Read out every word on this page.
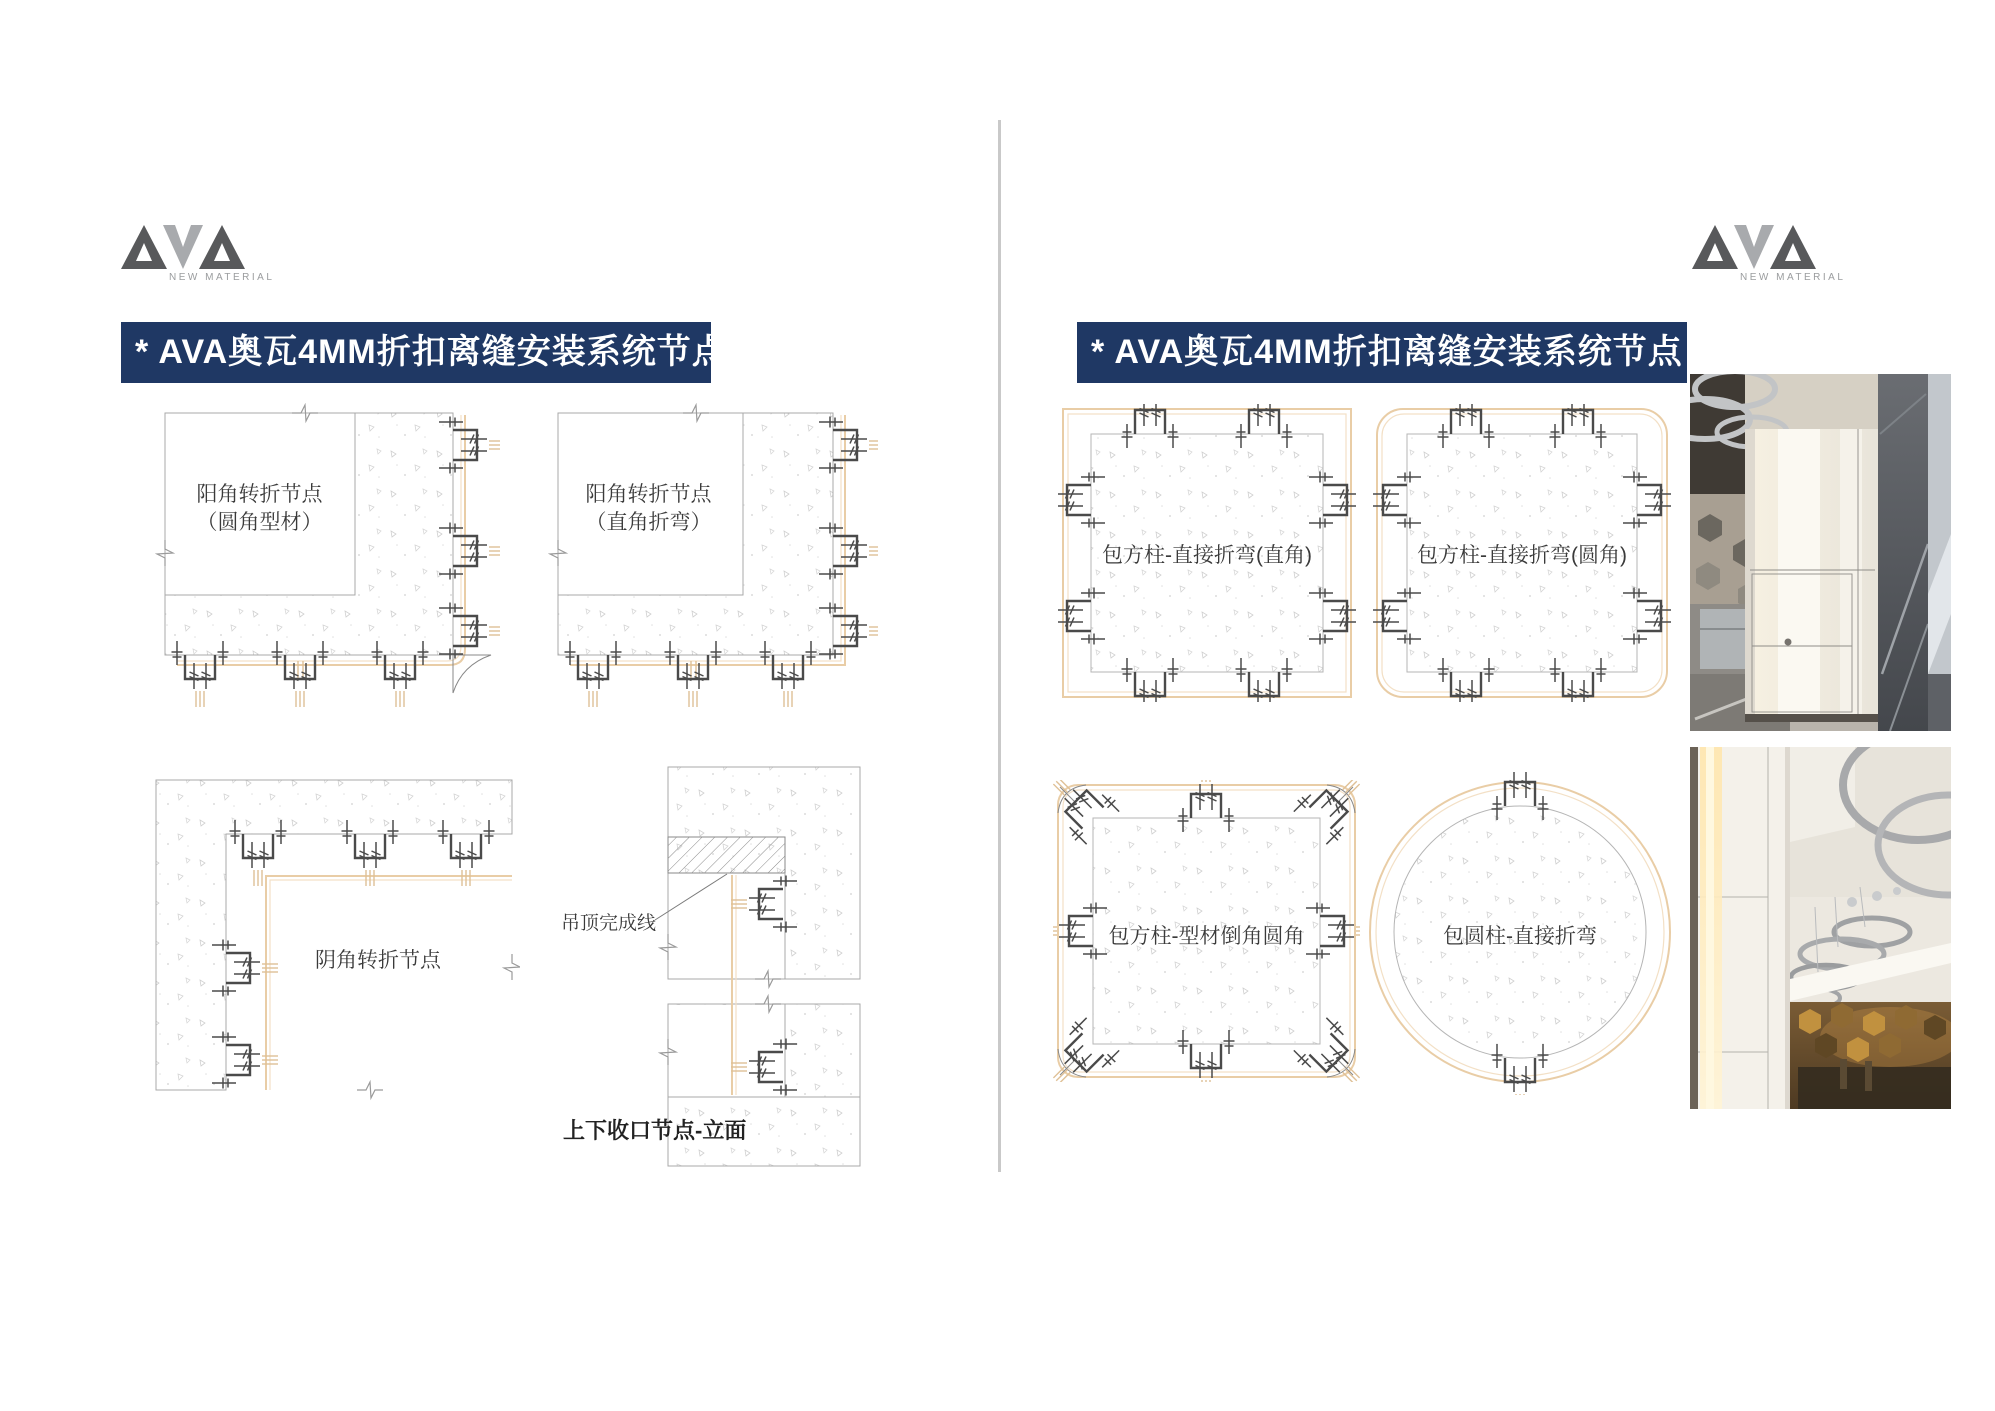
NEW MATERIAL
* AVA奥瓦4MM折扣离缝安装系统节点
阳角转折节点
（圆角型材）
阳角转折节点
（直角折弯）
阴角转折节点
吊顶完成线
上下收口节点-立面
NEW MATERIAL
* AVA奥瓦4MM折扣离缝安装系统节点
包方柱-直接折弯(直角)	包方柱-直接折弯(圆角)
包方柱-型材倒角圆角	包圆柱-直接折弯
